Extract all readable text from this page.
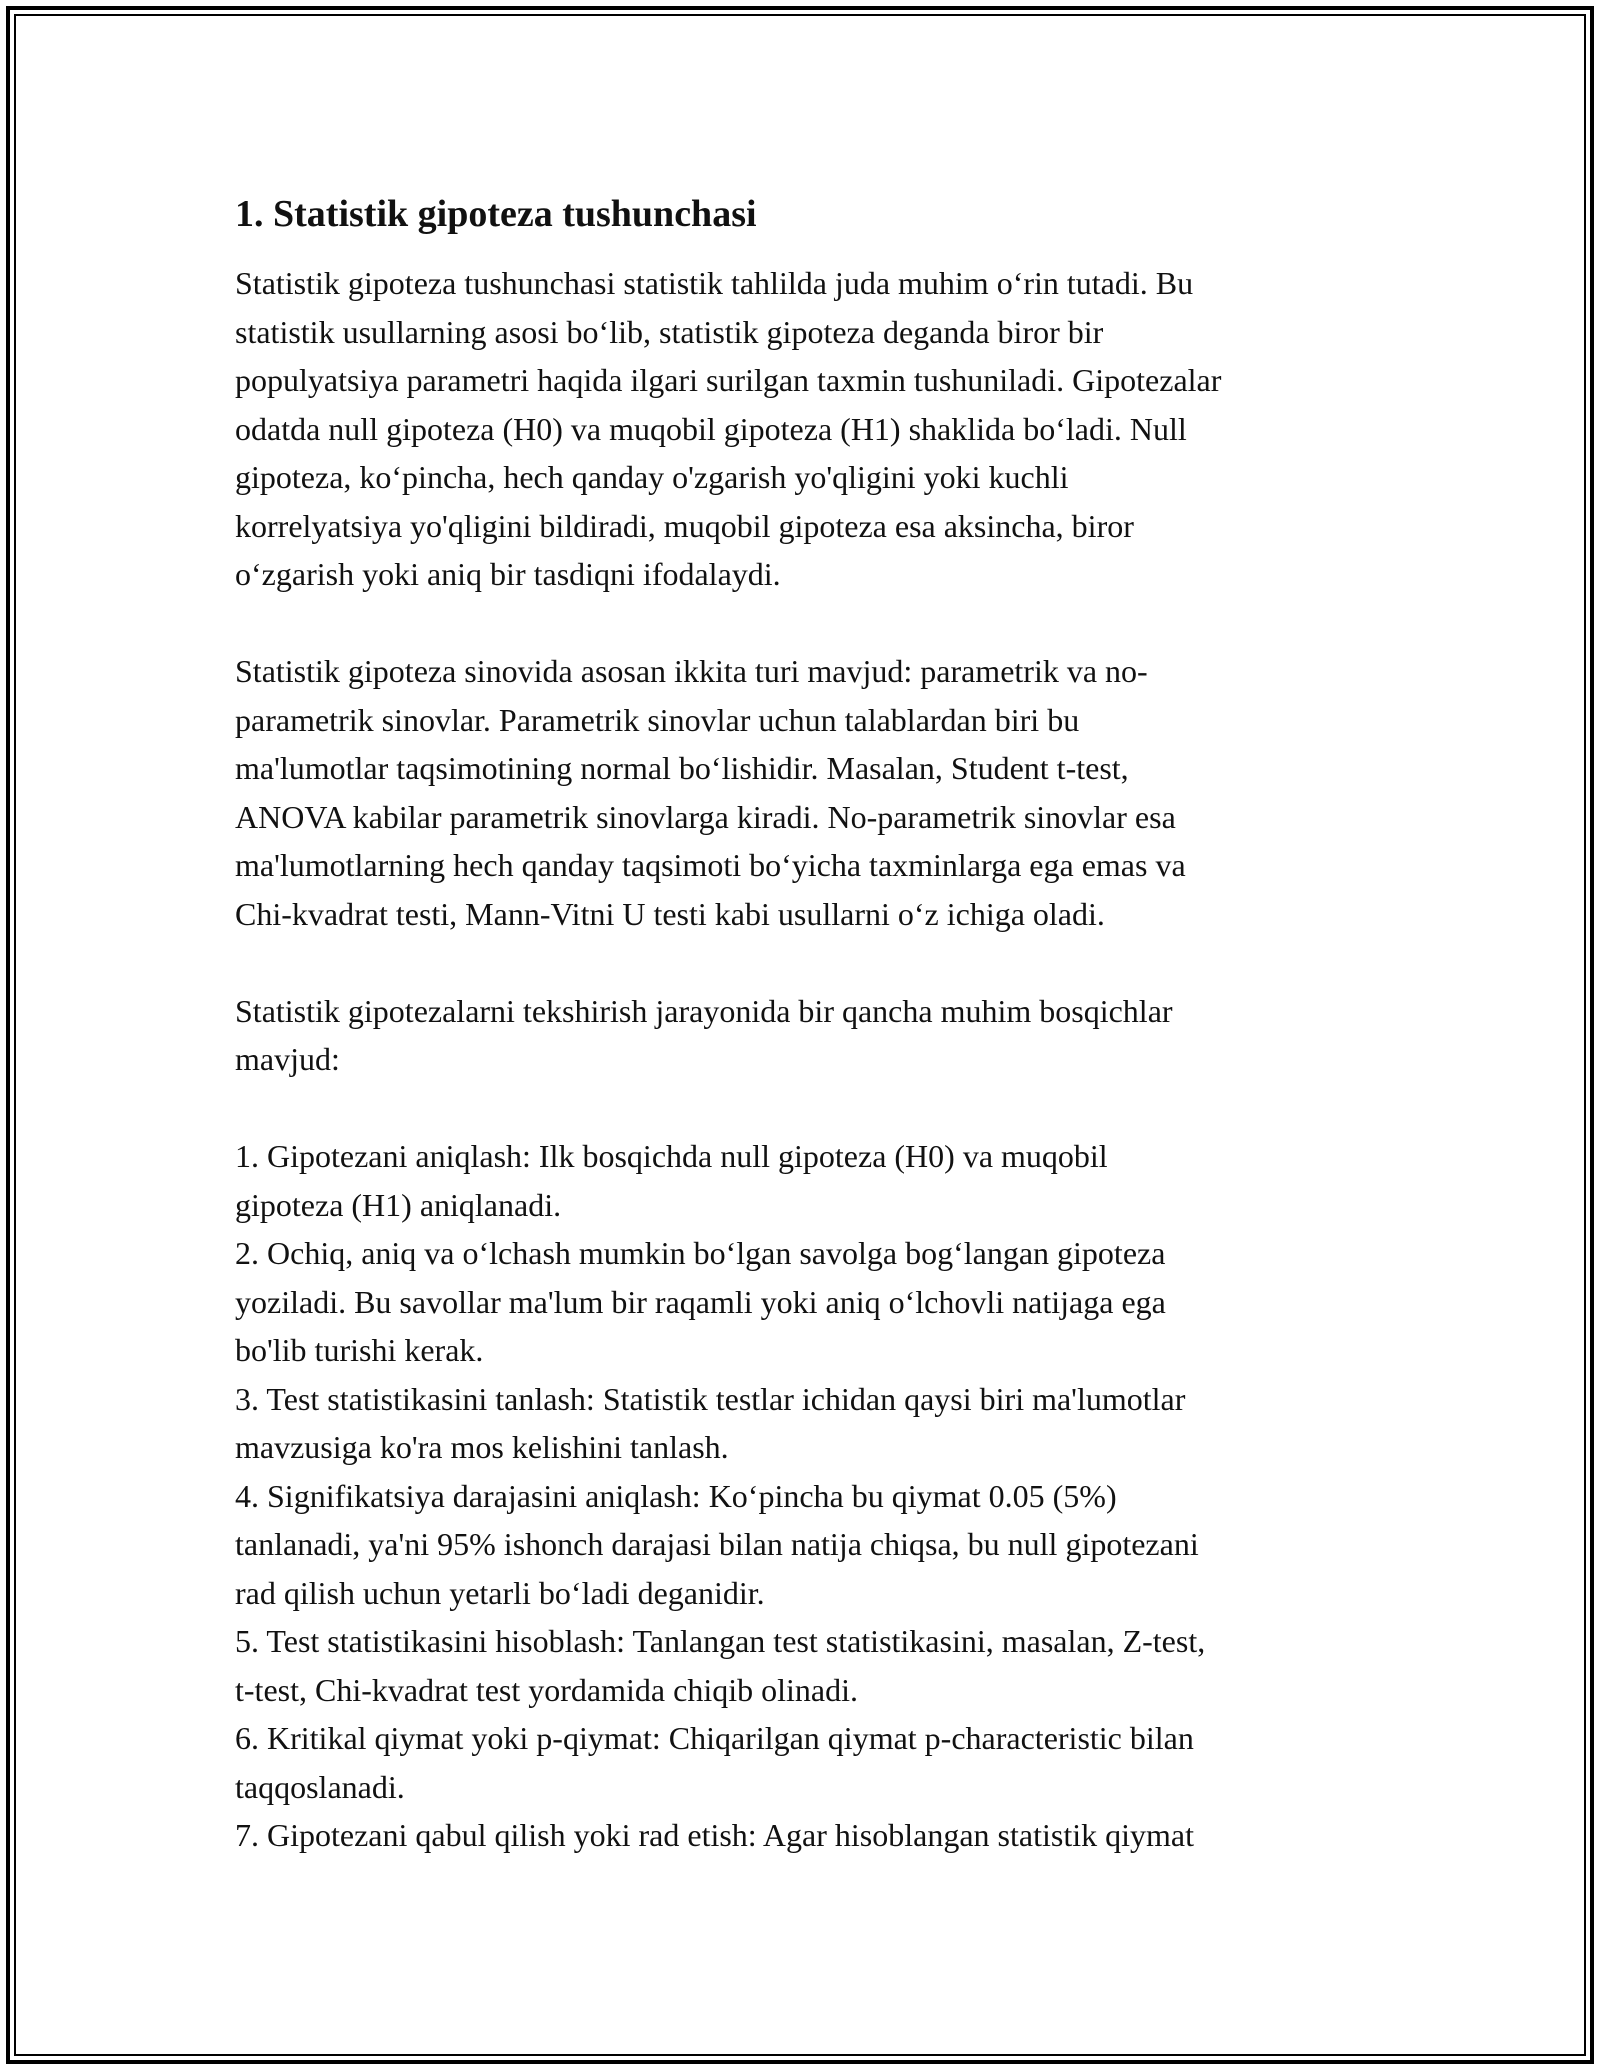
1. Statistik gipoteza tushunchasi

Statistik gipoteza tushunchasi statistik tahlilda juda muhim o‘rin tutadi. Bu
statistik usullarning asosi bo‘lib, statistik gipoteza deganda biror bir
populyatsiya parametri haqida ilgari surilgan taxmin tushuniladi. Gipotezalar
odatda null gipoteza (H0) va muqobil gipoteza (H1) shaklida bo‘ladi. Null
gipoteza, ko‘pincha, hech qanday o'zgarish yo'qligini yoki kuchli
korrelyatsiya yo'qligini bildiradi, muqobil gipoteza esa aksincha, biror
o‘zgarish yoki aniq bir tasdiqni ifodalaydi.

Statistik gipoteza sinovida asosan ikkita turi mavjud: parametrik va no-
parametrik sinovlar. Parametrik sinovlar uchun talablardan biri bu
ma'lumotlar taqsimotining normal bo‘lishidir. Masalan, Student t-test,
ANOVA kabilar parametrik sinovlarga kiradi. No-parametrik sinovlar esa
ma'lumotlarning hech qanday taqsimoti bo‘yicha taxminlarga ega emas va
Chi-kvadrat testi, Mann-Vitni U testi kabi usullarni o‘z ichiga oladi.

Statistik gipotezalarni tekshirish jarayonida bir qancha muhim bosqichlar
mavjud:

1. Gipotezani aniqlash: Ilk bosqichda null gipoteza (H0) va muqobil
gipoteza (H1) aniqlanadi.
2. Ochiq, aniq va o‘lchash mumkin bo‘lgan savolga bog‘langan gipoteza
yoziladi. Bu savollar ma'lum bir raqamli yoki aniq o‘lchovli natijaga ega
bo'lib turishi kerak.
3. Test statistikasini tanlash: Statistik testlar ichidan qaysi biri ma'lumotlar
mavzusiga ko'ra mos kelishini tanlash.
4. Signifikatsiya darajasini aniqlash: Ko‘pincha bu qiymat 0.05 (5%)
tanlanadi, ya'ni 95% ishonch darajasi bilan natija chiqsa, bu null gipotezani
rad qilish uchun yetarli bo‘ladi deganidir.
5. Test statistikasini hisoblash: Tanlangan test statistikasini, masalan, Z-test,
t-test, Chi-kvadrat test yordamida chiqib olinadi.
6. Kritikal qiymat yoki p-qiymat: Chiqarilgan qiymat p-characteristic bilan
taqqoslanadi.
7. Gipotezani qabul qilish yoki rad etish: Agar hisoblangan statistik qiymat
